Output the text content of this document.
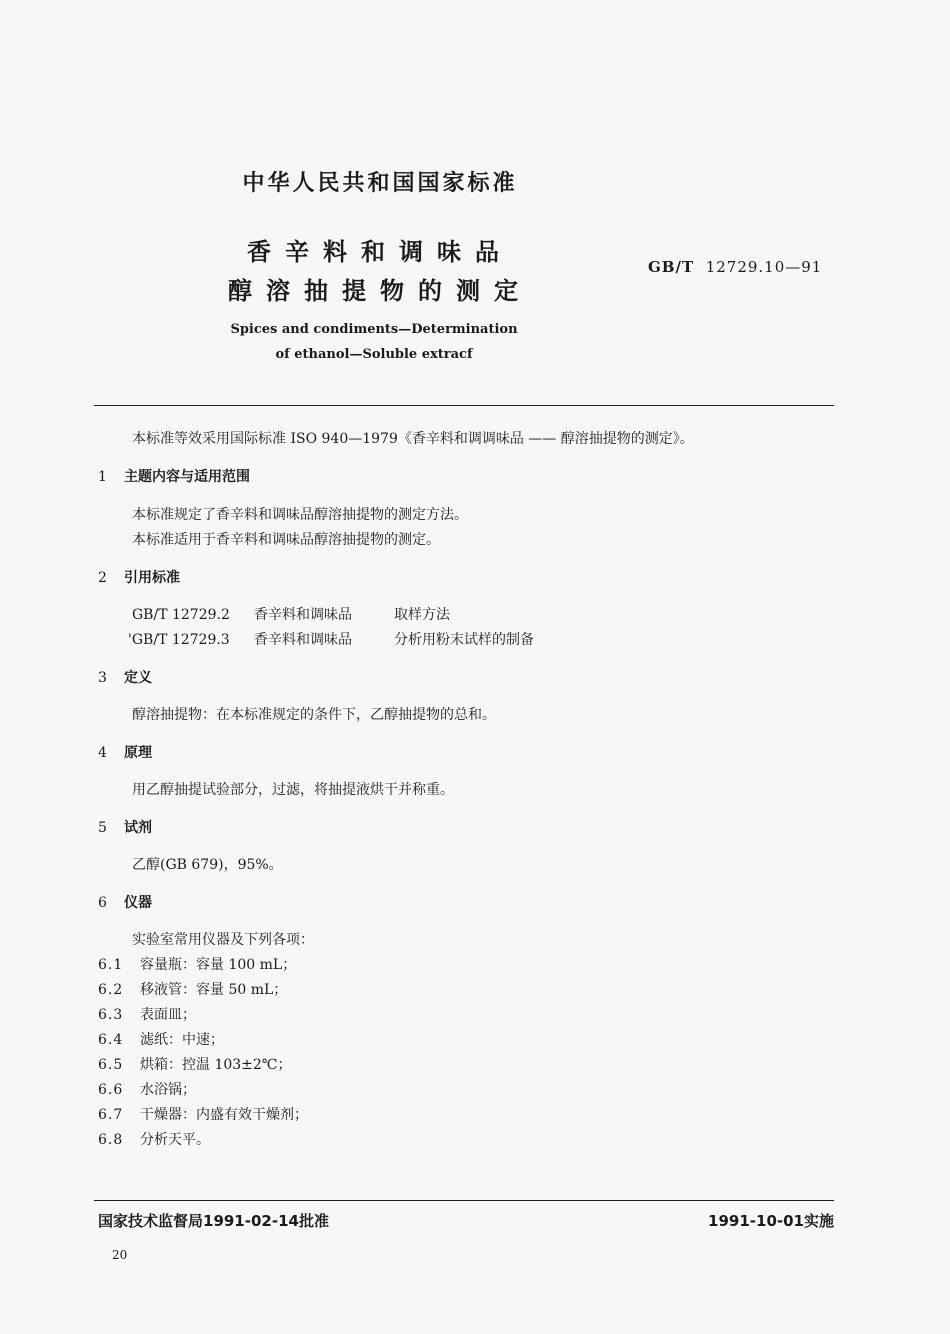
中华人民共和国国家标准
香辛料和调味品
醇溶抽提物的测定
GB/T 12729.10—91
Spices and condiments—Determination
of ethanol—Soluble extracf
本标准等效采用国际标准 ISO 940—1979《香辛料和调调味品 —— 醇溶抽提物的测定》。
1 主题内容与适用范围
本标准规定了香辛料和调味品醇溶抽提物的测定方法。
本标准适用于香辛料和调味品醇溶抽提物的测定。
2 引用标准
GB/T 12729.2 香辛料和调味品	取样方法
'GB/T 12729.3 香辛料和调味品	分析用粉末试样的制备
3 定义
醇溶抽提物：在本标准规定的条件下，乙醇抽提物的总和。
4 原理
用乙醇抽提试验部分，过滤，将抽提液烘干并称重。
5 试剂
乙醇(GB 679)，95%。
6 仪器
实验室常用仪器及下列各项：
6.1 容量瓶：容量 100 mL；
6.2 移液管：容量 50 mL；
6.3 表面皿；
6.4 滤纸：中速；
6.5 烘箱：控温 103±2℃；
6.6 水浴锅；
6.7 干燥器：内盛有效干燥剂；
6.8 分析天平。
国家技术监督局1991-02-14批准	1991-10-01实施
20
